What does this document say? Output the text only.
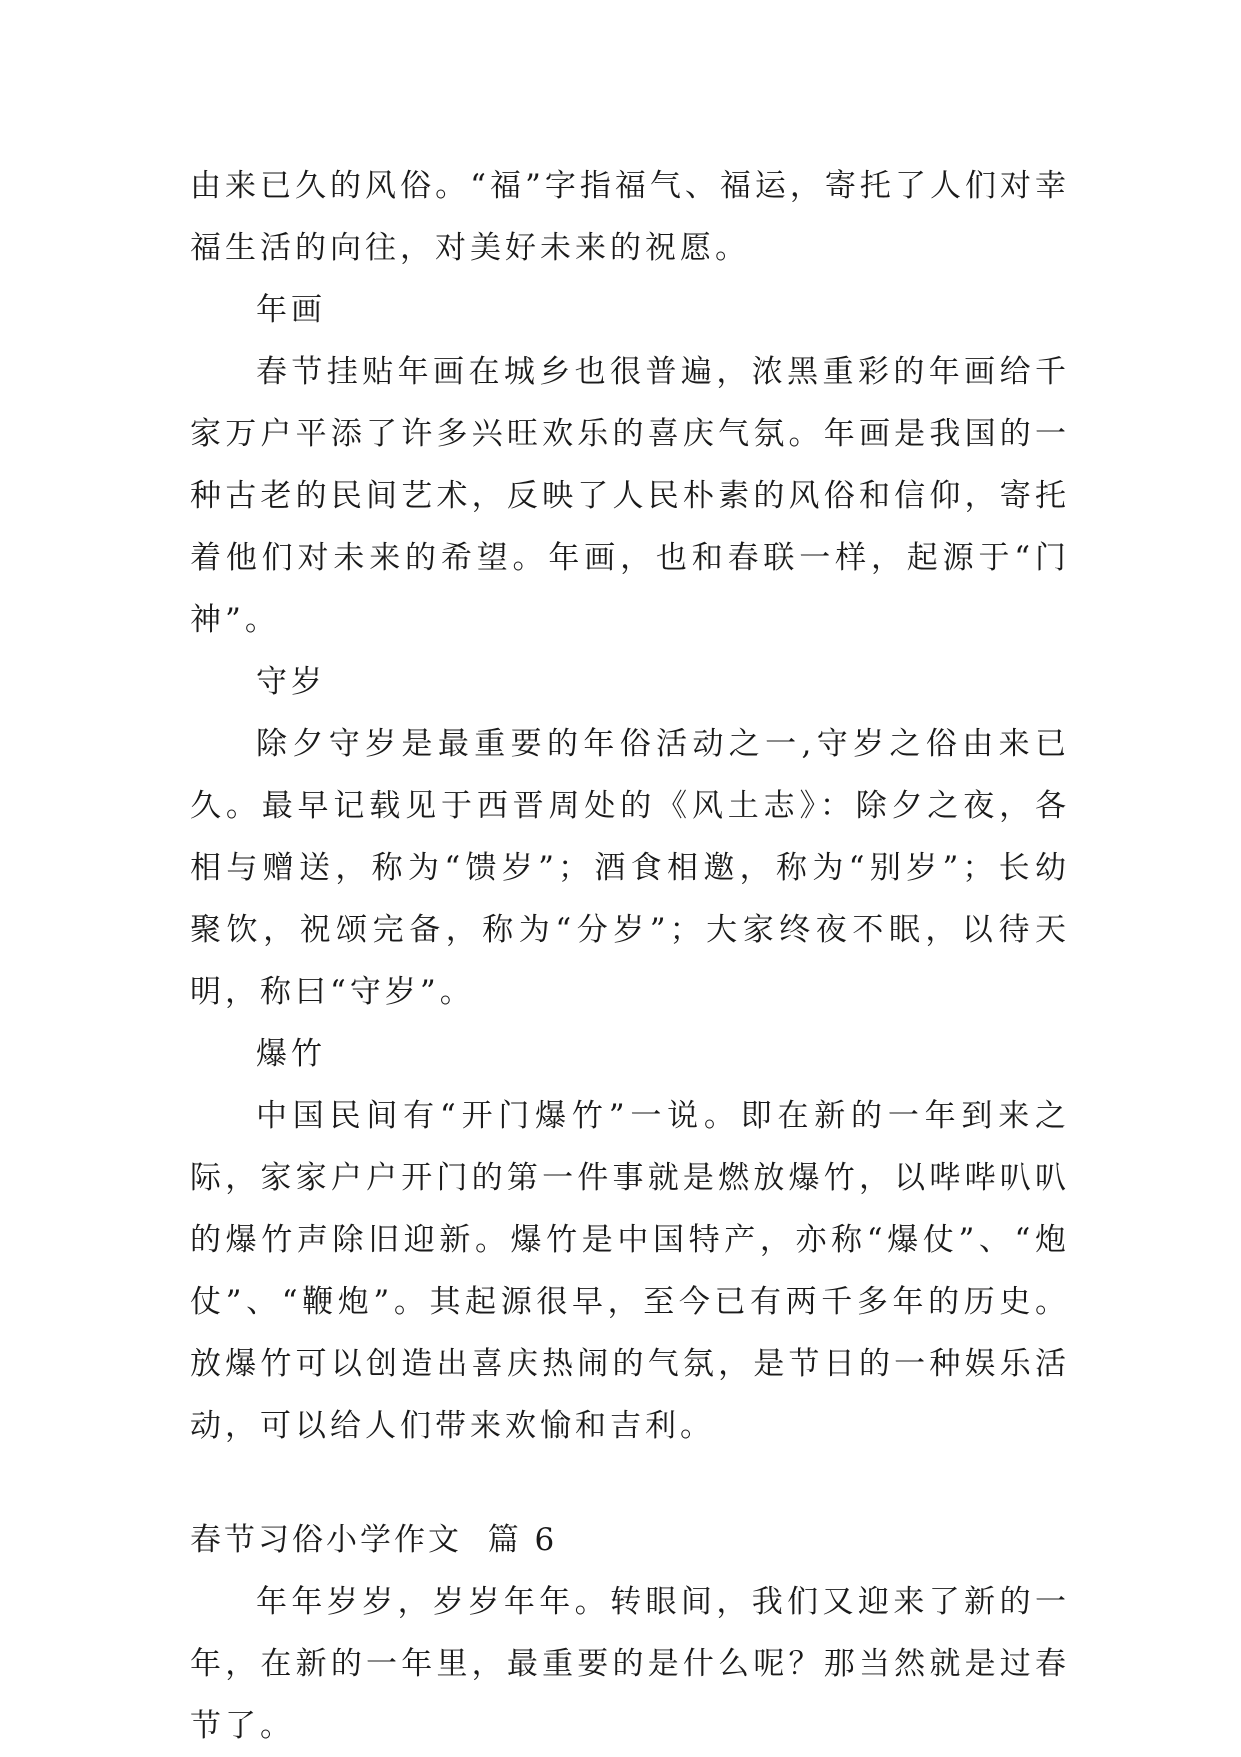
由来已久的风俗。“福”字指福气、福运，寄托了人们对幸福生活的向往，对美好未来的祝愿。

年画

春节挂贴年画在城乡也很普遍，浓黑重彩的年画给千家万户平添了许多兴旺欢乐的喜庆气氛。年画是我国的一种古老的民间艺术，反映了人民朴素的风俗和信仰，寄托着他们对未来的希望。年画，也和春联一样，起源于“门神”。

守岁

除夕守岁是最重要的年俗活动之一,守岁之俗由来已久。最早记载见于西晋周处的《风土志》：除夕之夜，各相与赠送，称为“馈岁”；酒食相邀，称为“别岁”；长幼聚饮，祝颂完备，称为“分岁”；大家终夜不眠，以待天明，称曰“守岁”。

爆竹

中国民间有“开门爆竹”一说。即在新的一年到来之际，家家户户开门的第一件事就是燃放爆竹，以哔哔叭叭的爆竹声除旧迎新。爆竹是中国特产，亦称“爆仗”、“炮仗”、“鞭炮”。其起源很早，至今已有两千多年的历史。放爆竹可以创造出喜庆热闹的气氛，是节日的一种娱乐活动，可以给人们带来欢愉和吉利。

春节习俗小学作文  篇 6

年年岁岁，岁岁年年。转眼间，我们又迎来了新的一年，在新的一年里，最重要的是什么呢？那当然就是过春节了。
